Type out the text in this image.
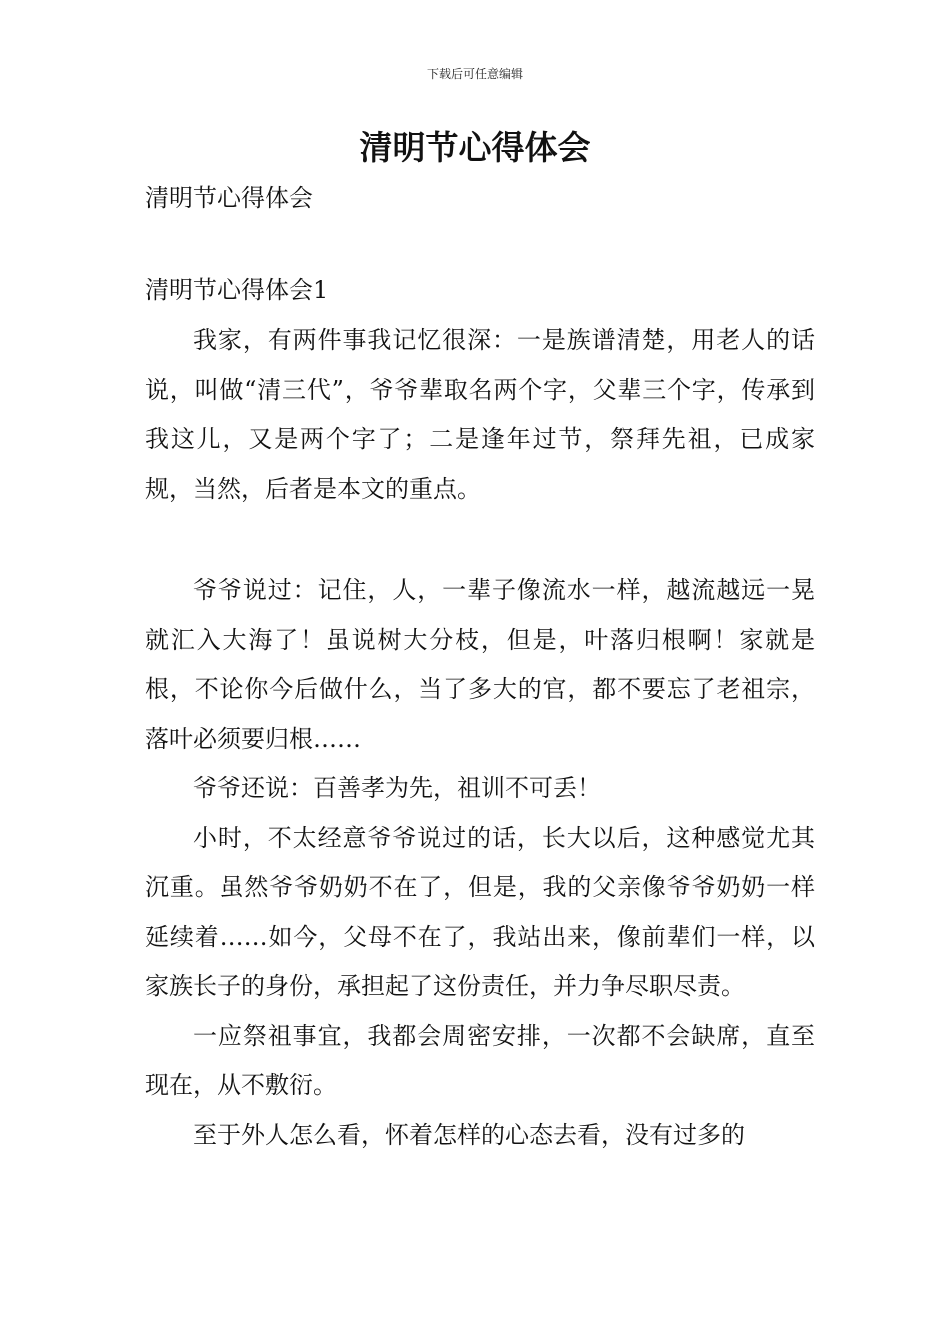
下载后可任意编辑
清明节心得体会

清明节心得体会

清明节心得体会1

我家，有两件事我记忆很深：一是族谱清楚，用老人的话说，叫做“清三代”，爷爷辈取名两个字，父辈三个字，传承到我这儿，又是两个字了；二是逢年过节，祭拜先祖，已成家规，当然，后者是本文的重点。

爷爷说过：记住，人，一辈子像流水一样，越流越远一晃就汇入大海了！虽说树大分枝，但是，叶落归根啊！家就是根，不论你今后做什么，当了多大的官，都不要忘了老祖宗，落叶必须要归根……

爷爷还说：百善孝为先，祖训不可丢！

小时，不太经意爷爷说过的话，长大以后，这种感觉尤其沉重。虽然爷爷奶奶不在了，但是，我的父亲像爷爷奶奶一样延续着……如今，父母不在了，我站出来，像前辈们一样，以家族长子的身份，承担起了这份责任，并力争尽职尽责。

一应祭祖事宜，我都会周密安排，一次都不会缺席，直至现在，从不敷衍。

至于外人怎么看，怀着怎样的心态去看，没有过多的
